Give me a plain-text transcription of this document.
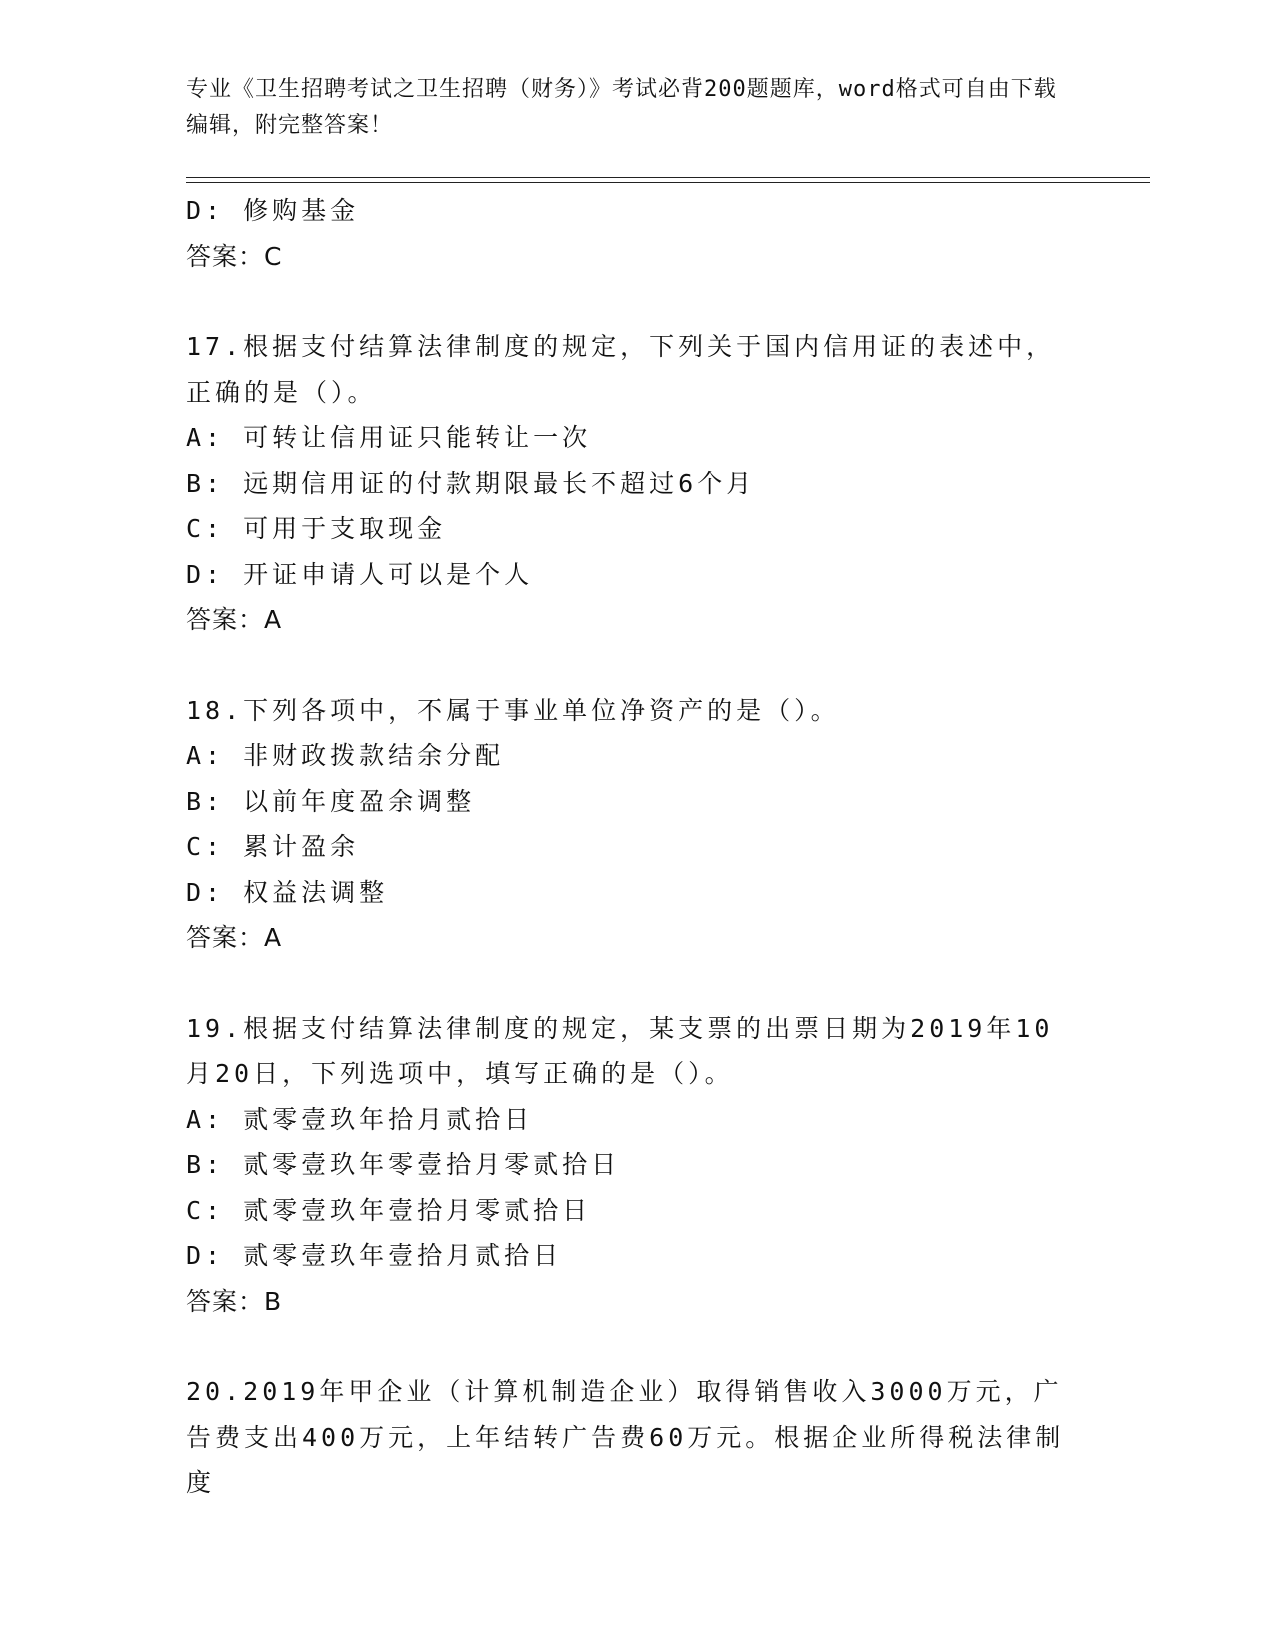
专业《卫生招聘考试之卫生招聘（财务）》考试必背200题题库，word格式可自由下载编辑，附完整答案！
D: 修购基金
答案：C
17.根据支付结算法律制度的规定，下列关于国内信用证的表述中，正确的是（）。
A: 可转让信用证只能转让一次
B: 远期信用证的付款期限最长不超过6个月
C: 可用于支取现金
D: 开证申请人可以是个人
答案：A
18.下列各项中，不属于事业单位净资产的是（）。
A: 非财政拨款结余分配
B: 以前年度盈余调整
C: 累计盈余
D: 权益法调整
答案：A
19.根据支付结算法律制度的规定，某支票的出票日期为2019年10月20日，下列选项中，填写正确的是（）。
A: 贰零壹玖年拾月贰拾日
B: 贰零壹玖年零壹拾月零贰拾日
C: 贰零壹玖年壹拾月零贰拾日
D: 贰零壹玖年壹拾月贰拾日
答案：B
20.2019年甲企业（计算机制造企业）取得销售收入3000万元，广告费支出400万元，上年结转广告费60万元。根据企业所得税法律制度
